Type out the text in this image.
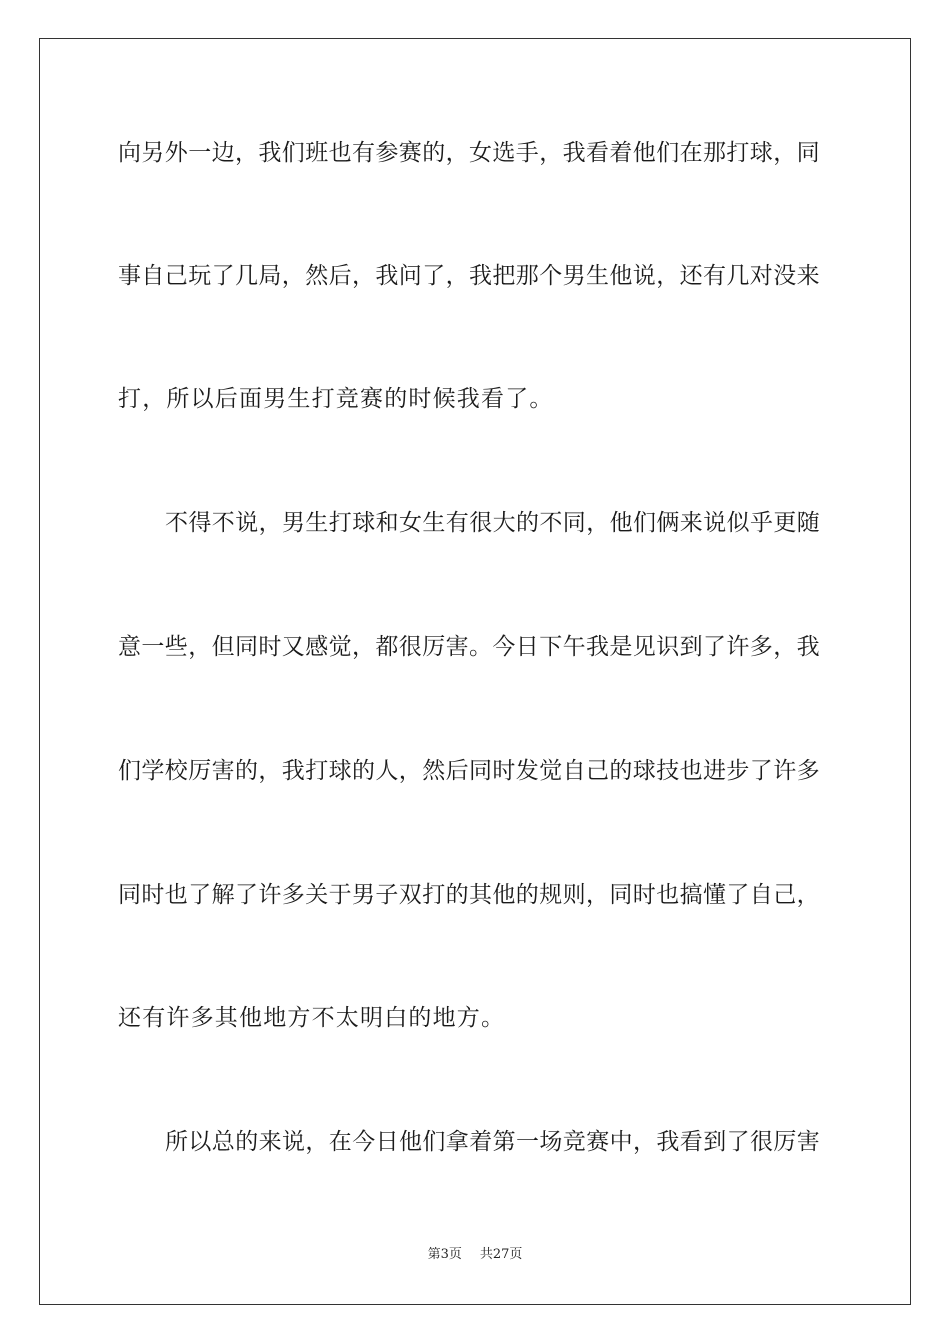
向另外一边，我们班也有参赛的，女选手，我看着他们在那打球，同
事自己玩了几局，然后，我问了，我把那个男生他说，还有几对没来
打，所以后面男生打竞赛的时候我看了。
不得不说，男生打球和女生有很大的不同，他们俩来说似乎更随
意一些，但同时又感觉，都很厉害。今日下午我是见识到了许多，我
们学校厉害的，我打球的人，然后同时发觉自己的球技也进步了许多
同时也了解了许多关于男子双打的其他的规则，同时也搞懂了自己，
还有许多其他地方不太明白的地方。
所以总的来说，在今日他们拿着第一场竞赛中，我看到了很厉害
第3页 共27页
